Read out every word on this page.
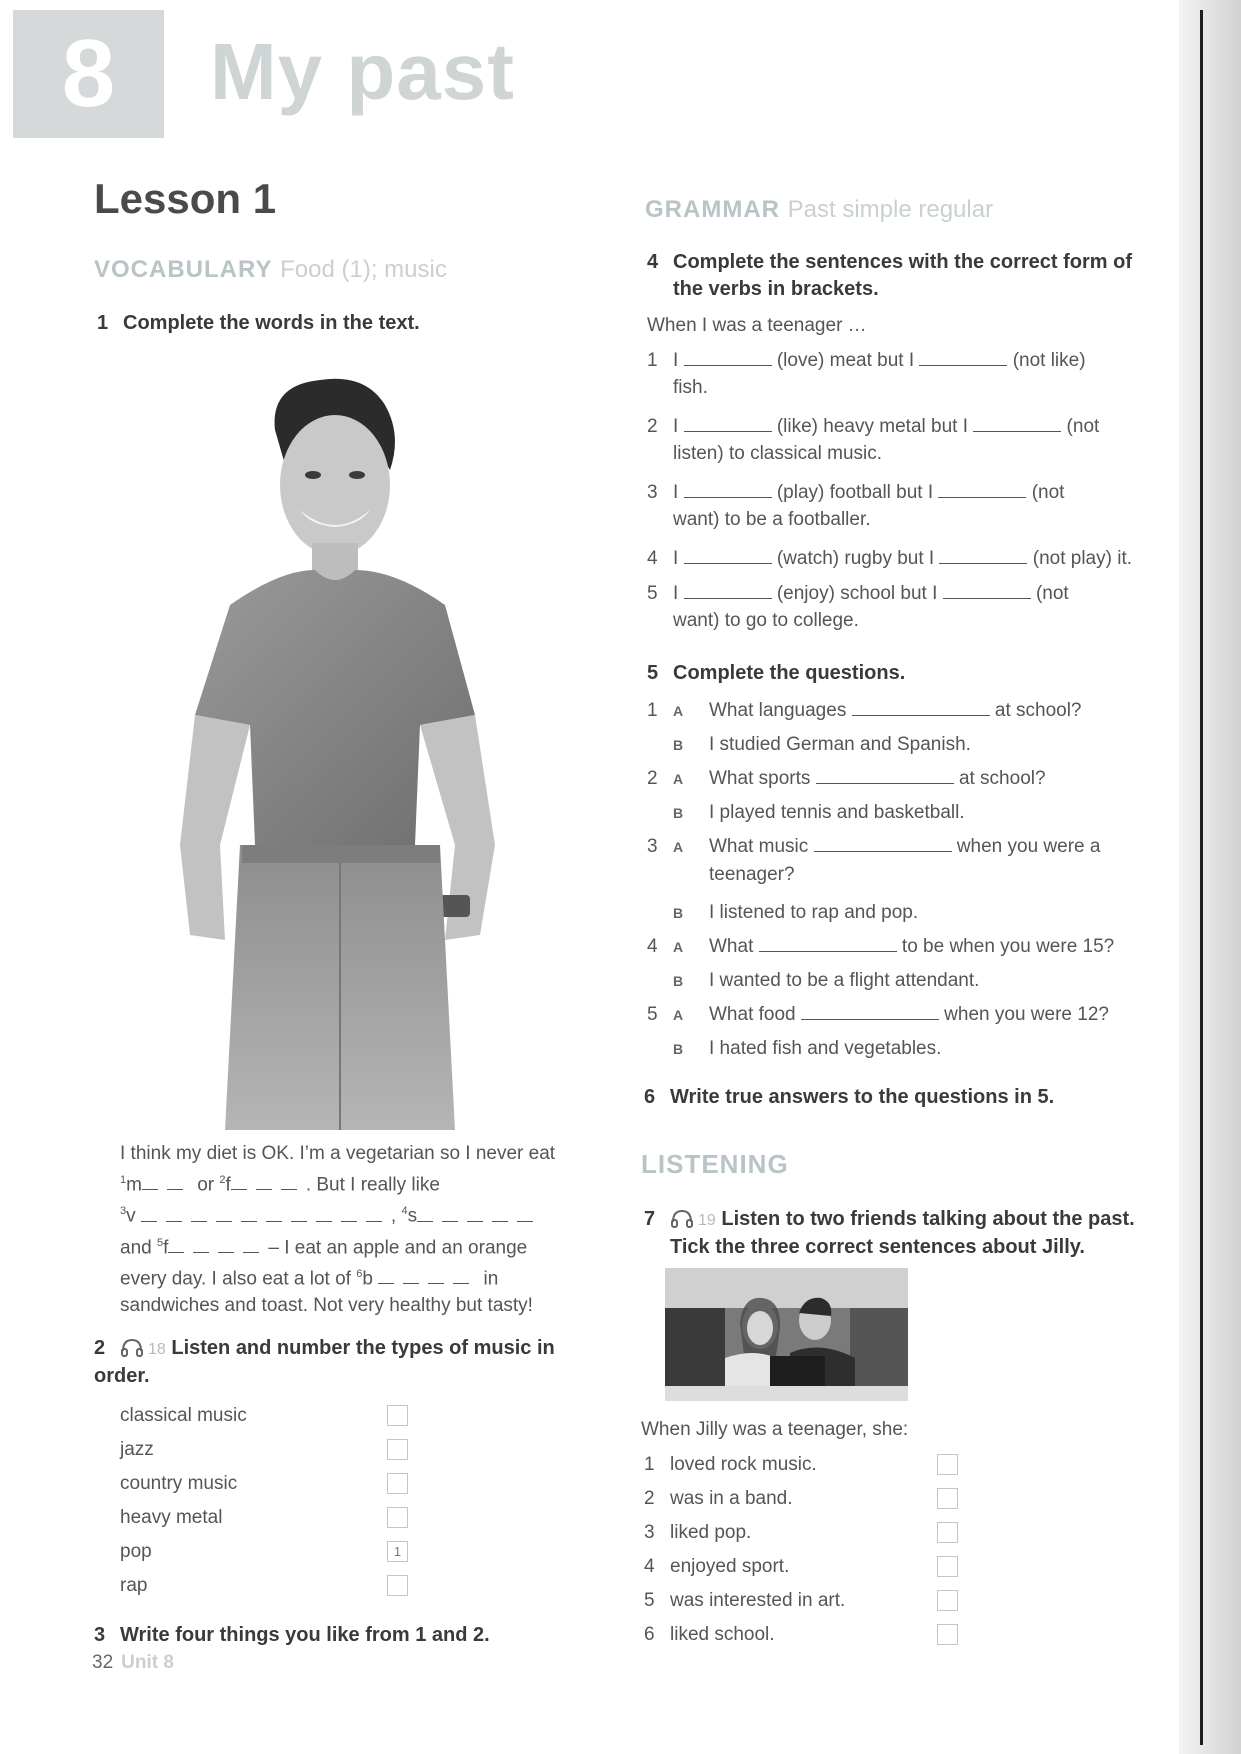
8 My past
Lesson 1
VOCABULARY Food (1); music
1 Complete the words in the text.
I think my diet is OK. I’m a vegetarian so I never eat
$^1$m	or $^2$f	. But I really like
$^3$v	, $^4$s
and $^5$f	– I eat an apple and an orange
every day. I also eat a lot of $^6$b	in
sandwiches and toast. Not very healthy but tasty!
2	18 Listen and number the types of music in order.
classical music
jazz
country music
heavy metal
pop	1
rap
3 Write four things you like from 1 and 2.
32 Unit 8
GRAMMAR Past simple regular
4 Complete the sentences with the correct form of
the verbs in brackets.
When I was a teenager …
1 I	(love) meat but I	(not like)
fish.
2 I	(like) heavy metal but I	(not
listen) to classical music.
3 I	(play) football but I	(not
want) to be a footballer.
4 I	(watch) rugby but I	(not play) it.
5 I	(enjoy) school but I	(not
want) to go to college.
5 Complete the questions.
1 A What languages	at school?
B I studied German and Spanish.
2 A What sports	at school?
B I played tennis and basketball.
3 A What music	when you were a
teenager?
B I listened to rap and pop.
4 A What	to be when you were 15?
B I wanted to be a flight attendant.
5 A What food	when you were 12?
B I hated fish and vegetables.
6 Write true answers to the questions in 5.
LISTENING
7	19 Listen to two friends talking about the past.
Tick the three correct sentences about Jilly.
When Jilly was a teenager, she:
1 loved rock music.
2 was in a band.
3 liked pop.
4 enjoyed sport.
5 was interested in art.
6 liked school.
